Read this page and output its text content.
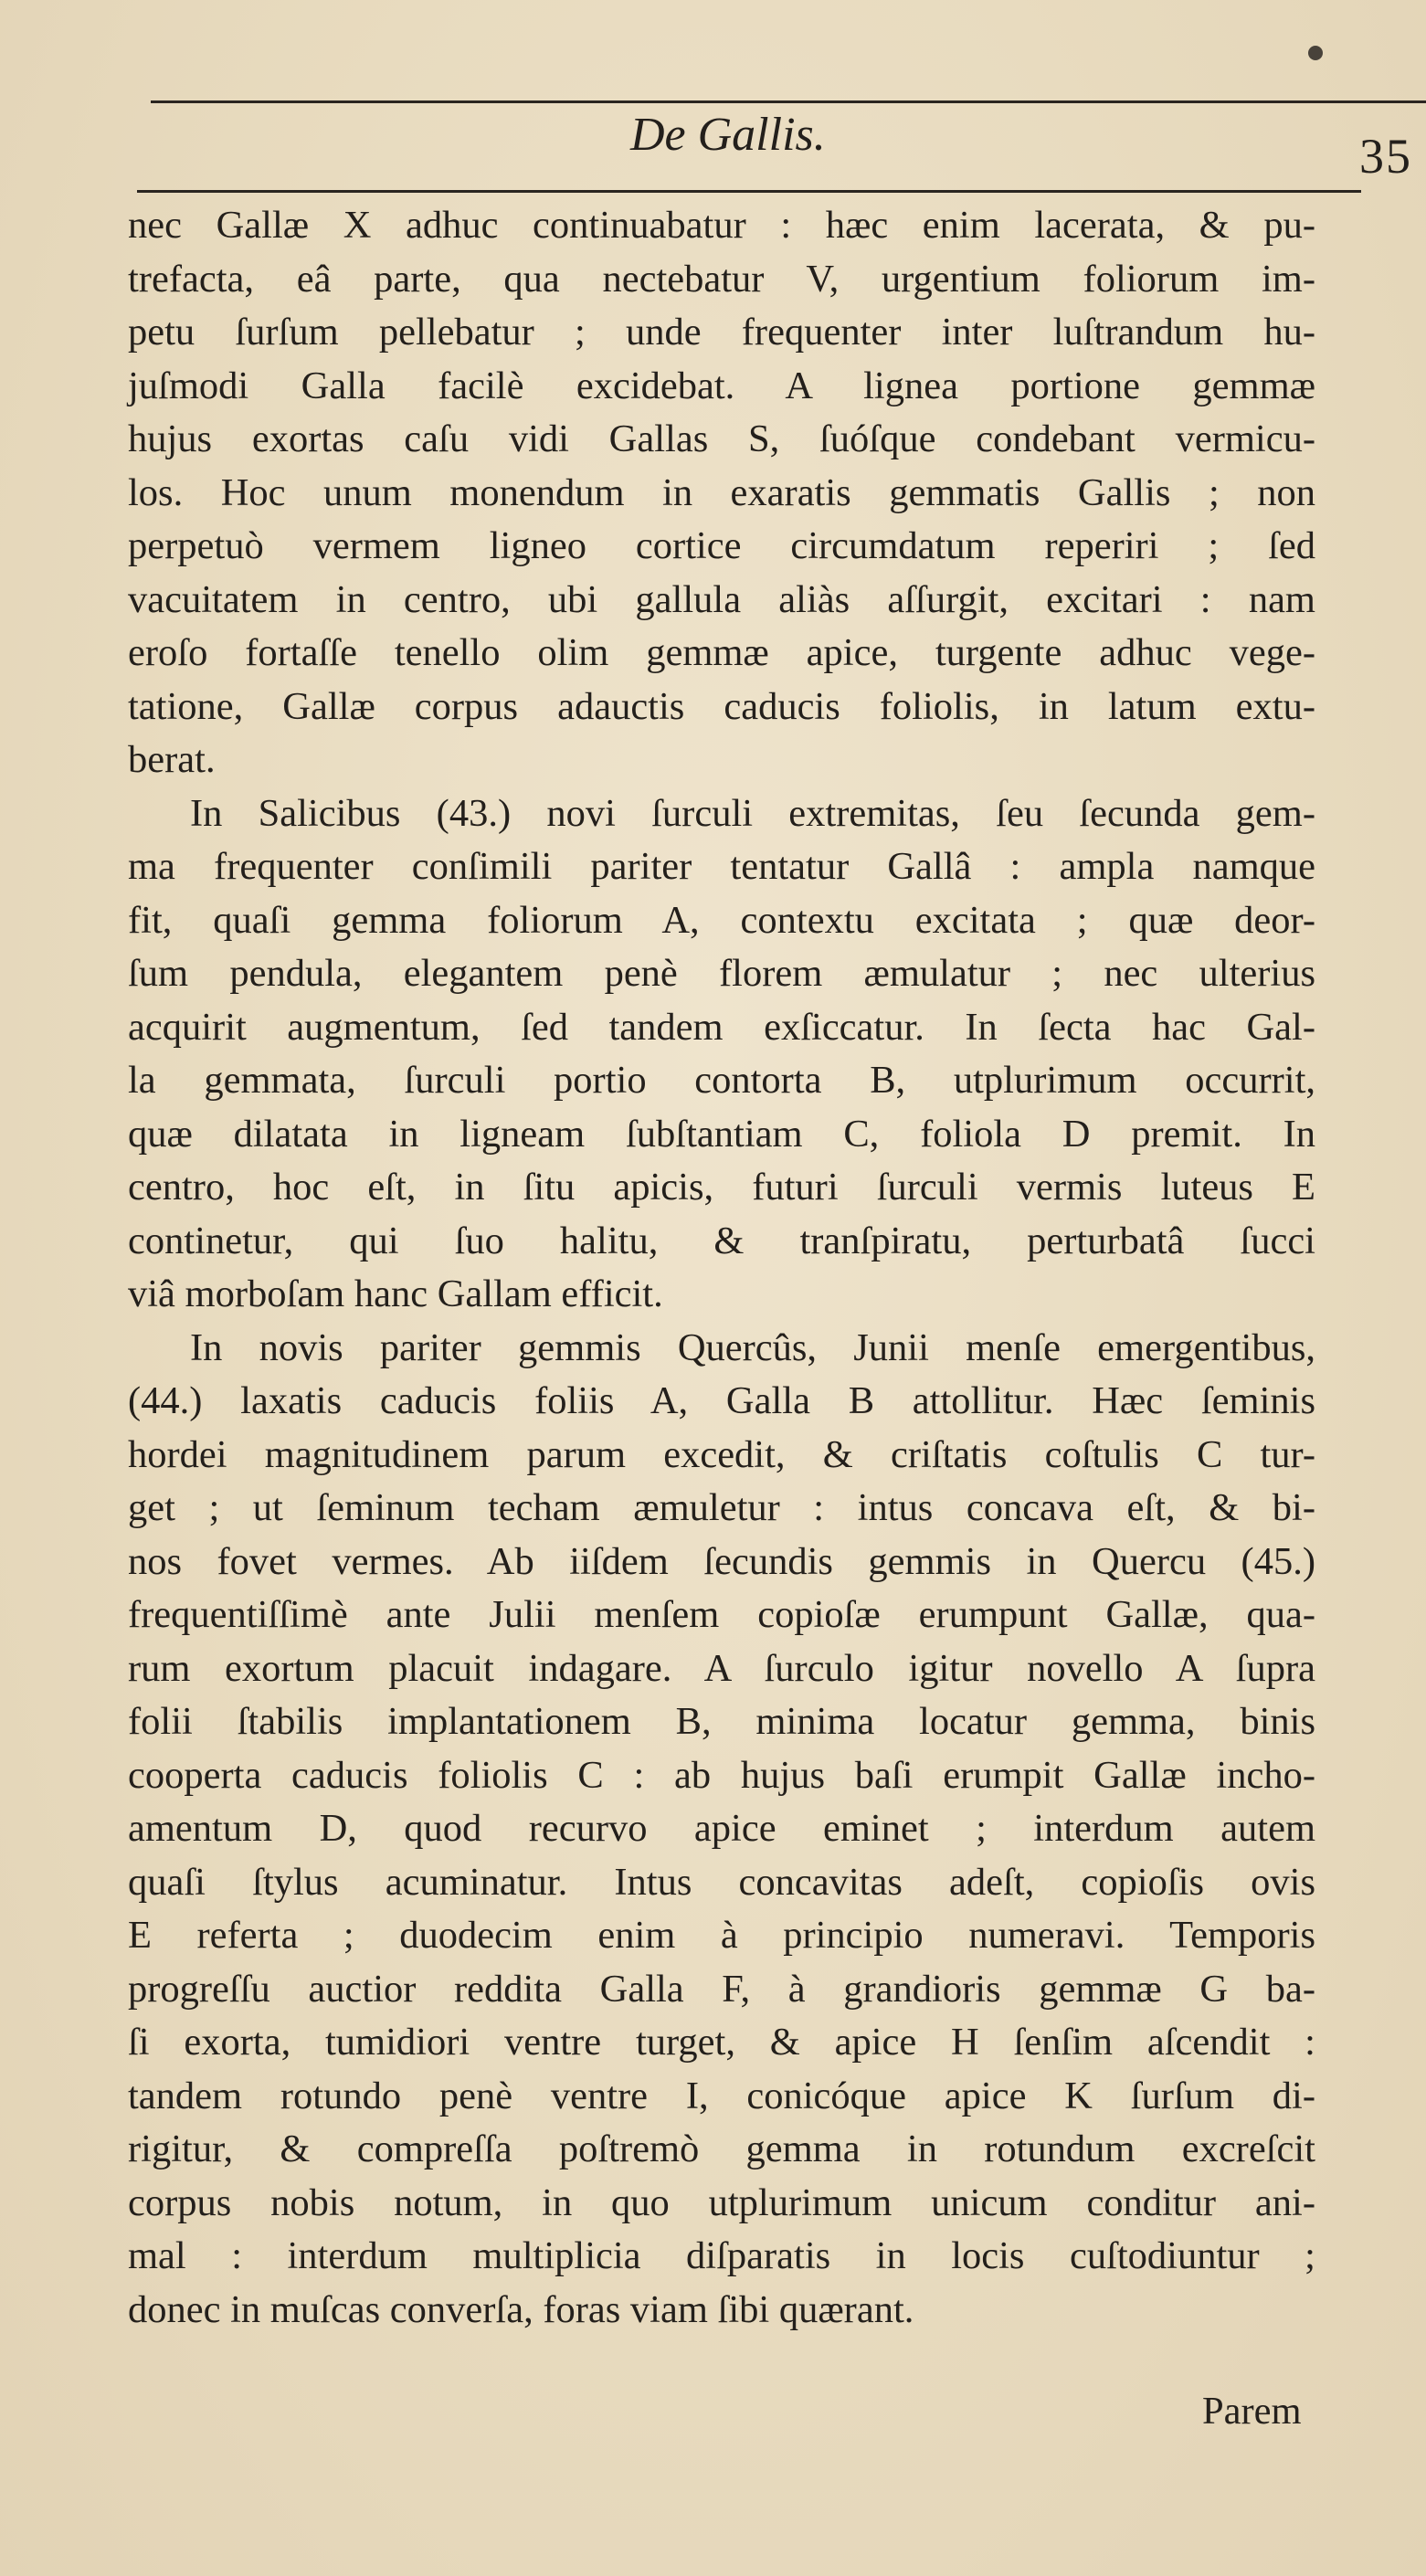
De Gallis.	35
nec Gallæ X adhuc continuabatur : hæc enim lacerata, & pu-
trefacta, eâ parte, qua nectebatur V, urgentium foliorum im-
petu ſurſum pellebatur ; unde frequenter inter luſtrandum hu-
juſmodi Galla facilè excidebat. A lignea portione gemmæ
hujus exortas caſu vidi Gallas S, ſuóſque condebant vermicu-
los. Hoc unum monendum in exaratis gemmatis Gallis ; non
perpetuò vermem ligneo cortice circumdatum reperiri ; ſed
vacuitatem in centro, ubi gallula aliàs aſſurgit, excitari : nam
eroſo fortaſſe tenello olim gemmæ apice, turgente adhuc vege-
tatione, Gallæ corpus adauctis caducis foliolis, in latum extu-
berat.
In Salicibus (43.) novi ſurculi extremitas, ſeu ſecunda gem-
ma frequenter conſimili pariter tentatur Gallâ : ampla namque
fit, quaſi gemma foliorum A, contextu excitata ; quæ deor-
ſum pendula, elegantem penè florem æmulatur ; nec ulterius
acquirit augmentum, ſed tandem exſiccatur. In ſecta hac Gal-
la gemmata, ſurculi portio contorta B, utplurimum occurrit,
quæ dilatata in ligneam ſubſtantiam C, foliola D premit. In
centro, hoc eſt, in ſitu apicis, futuri ſurculi vermis luteus E
continetur, qui ſuo halitu, & tranſpiratu, perturbatâ ſucci
viâ morboſam hanc Gallam efficit.
In novis pariter gemmis Quercûs, Junii menſe emergentibus,
(44.) laxatis caducis foliis A, Galla B attollitur. Hæc ſeminis
hordei magnitudinem parum excedit, & criſtatis coſtulis C tur-
get ; ut ſeminum techam æmuletur : intus concava eſt, & bi-
nos fovet vermes. Ab iiſdem ſecundis gemmis in Quercu (45.)
frequentiſſimè ante Julii menſem copioſæ erumpunt Gallæ, qua-
rum exortum placuit indagare. A ſurculo igitur novello A ſupra
folii ſtabilis implantationem B, minima locatur gemma, binis
cooperta caducis foliolis C : ab hujus baſi erumpit Gallæ incho-
amentum D, quod recurvo apice eminet ; interdum autem
quaſi ſtylus acuminatur. Intus concavitas adeſt, copioſis ovis
E referta ; duodecim enim à principio numeravi. Temporis
progreſſu auctior reddita Galla F, à grandioris gemmæ G ba-
ſi exorta, tumidiori ventre turget, & apice H ſenſim aſcendit :
tandem rotundo penè ventre I, conicóque apice K ſurſum di-
rigitur, & compreſſa poſtremò gemma in rotundum excreſcit
corpus nobis notum, in quo utplurimum unicum conditur ani-
mal : interdum multiplicia diſparatis in locis cuſtodiuntur ;
donec in muſcas converſa, foras viam ſibi quærant.
Parem
